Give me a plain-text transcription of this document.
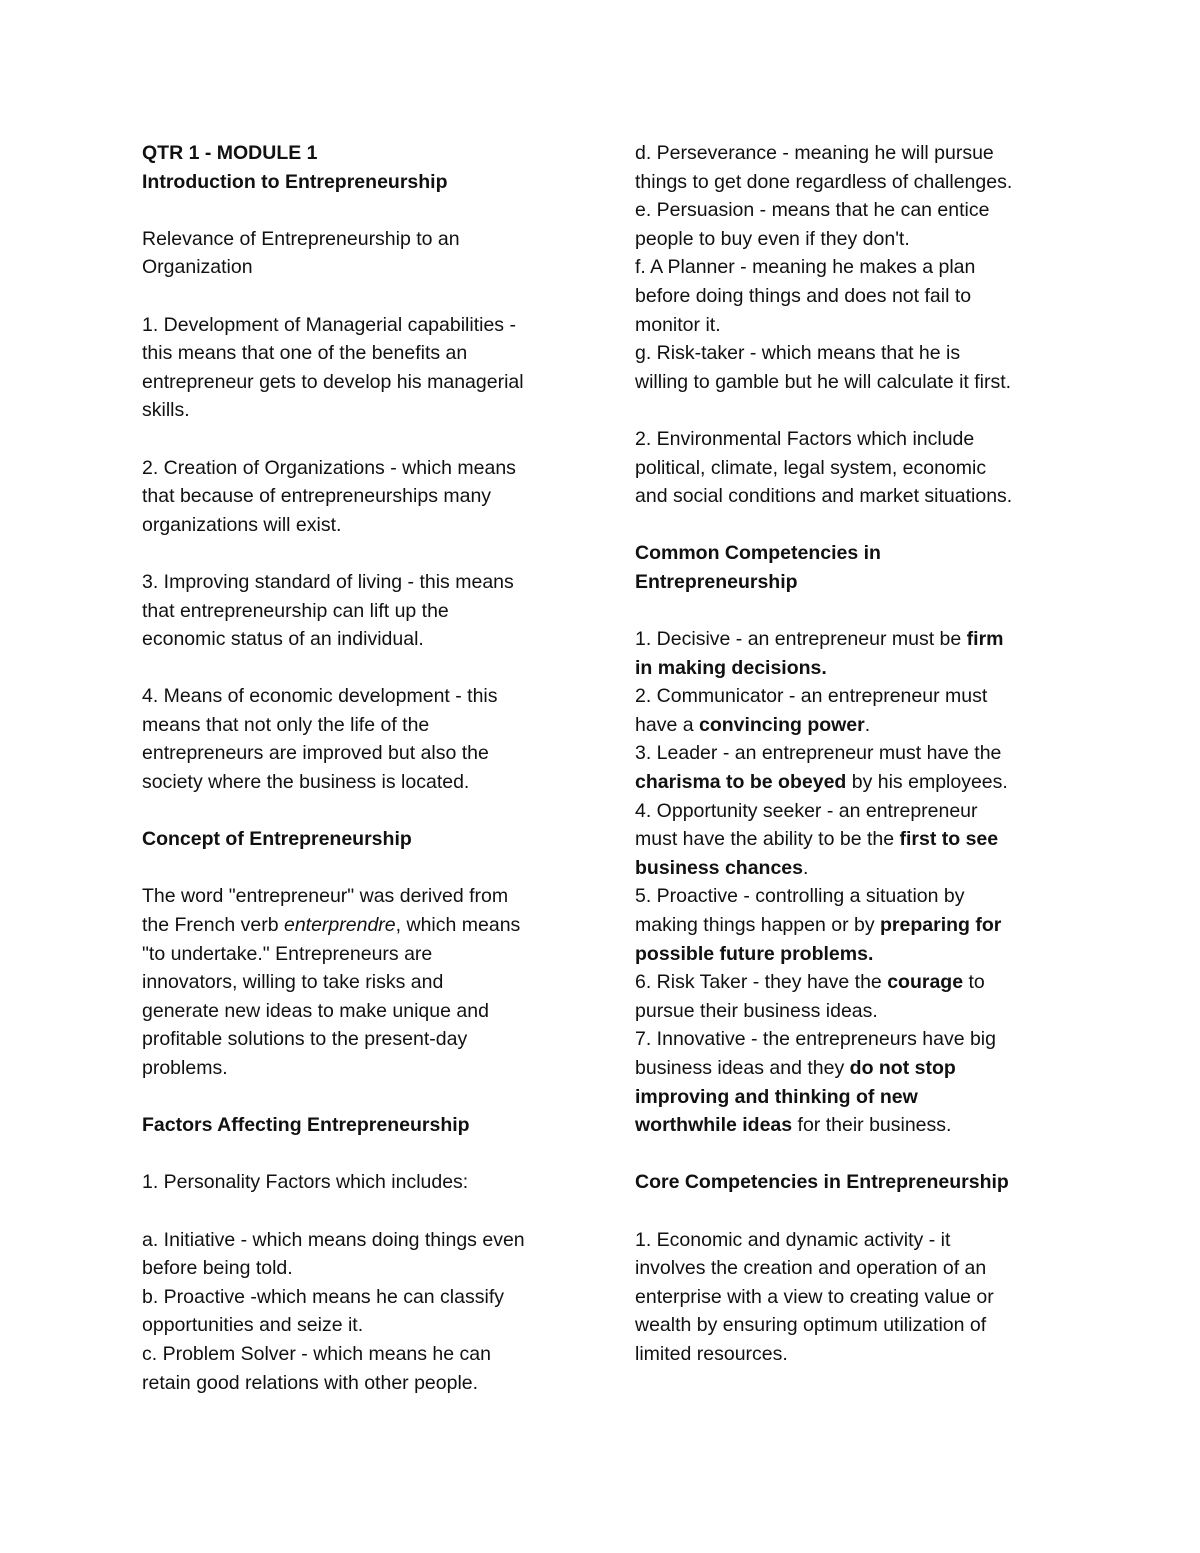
QTR 1 - MODULE 1
Introduction to Entrepreneurship
Relevance of Entrepreneurship to an
Organization
1. Development of Managerial capabilities -
this means that one of the benefits an
entrepreneur gets to develop his managerial
skills.
2. Creation of Organizations - which means
that because of entrepreneurships many
organizations will exist.
3. Improving standard of living - this means
that entrepreneurship can lift up the
economic status of an individual.
4. Means of economic development - this
means that not only the life of the
entrepreneurs are improved but also the
society where the business is located.
Concept of Entrepreneurship
The word "entrepreneur" was derived from
the French verb enterprendre, which means
"to undertake." Entrepreneurs are
innovators, willing to take risks and
generate new ideas to make unique and
profitable solutions to the present-day
problems.
Factors Affecting Entrepreneurship
1. Personality Factors which includes:
a. Initiative - which means doing things even
before being told.
b. Proactive -which means he can classify
opportunities and seize it.
c. Problem Solver - which means he can
retain good relations with other people.
d. Perseverance - meaning he will pursue
things to get done regardless of challenges.
e. Persuasion - means that he can entice
people to buy even if they don't.
f. A Planner - meaning he makes a plan
before doing things and does not fail to
monitor it.
g. Risk-taker - which means that he is
willing to gamble but he will calculate it first.
2. Environmental Factors which include
political, climate, legal system, economic
and social conditions and market situations.
Common Competencies in
Entrepreneurship
1. Decisive - an entrepreneur must be firm
in making decisions.
2. Communicator - an entrepreneur must
have a convincing power.
3. Leader - an entrepreneur must have the
charisma to be obeyed by his employees.
4. Opportunity seeker - an entrepreneur
must have the ability to be the first to see
business chances.
5. Proactive - controlling a situation by
making things happen or by preparing for
possible future problems.
6. Risk Taker - they have the courage to
pursue their business ideas.
7. Innovative - the entrepreneurs have big
business ideas and they do not stop
improving and thinking of new
worthwhile ideas for their business.
Core Competencies in Entrepreneurship
1. Economic and dynamic activity - it
involves the creation and operation of an
enterprise with a view to creating value or
wealth by ensuring optimum utilization of
limited resources.
